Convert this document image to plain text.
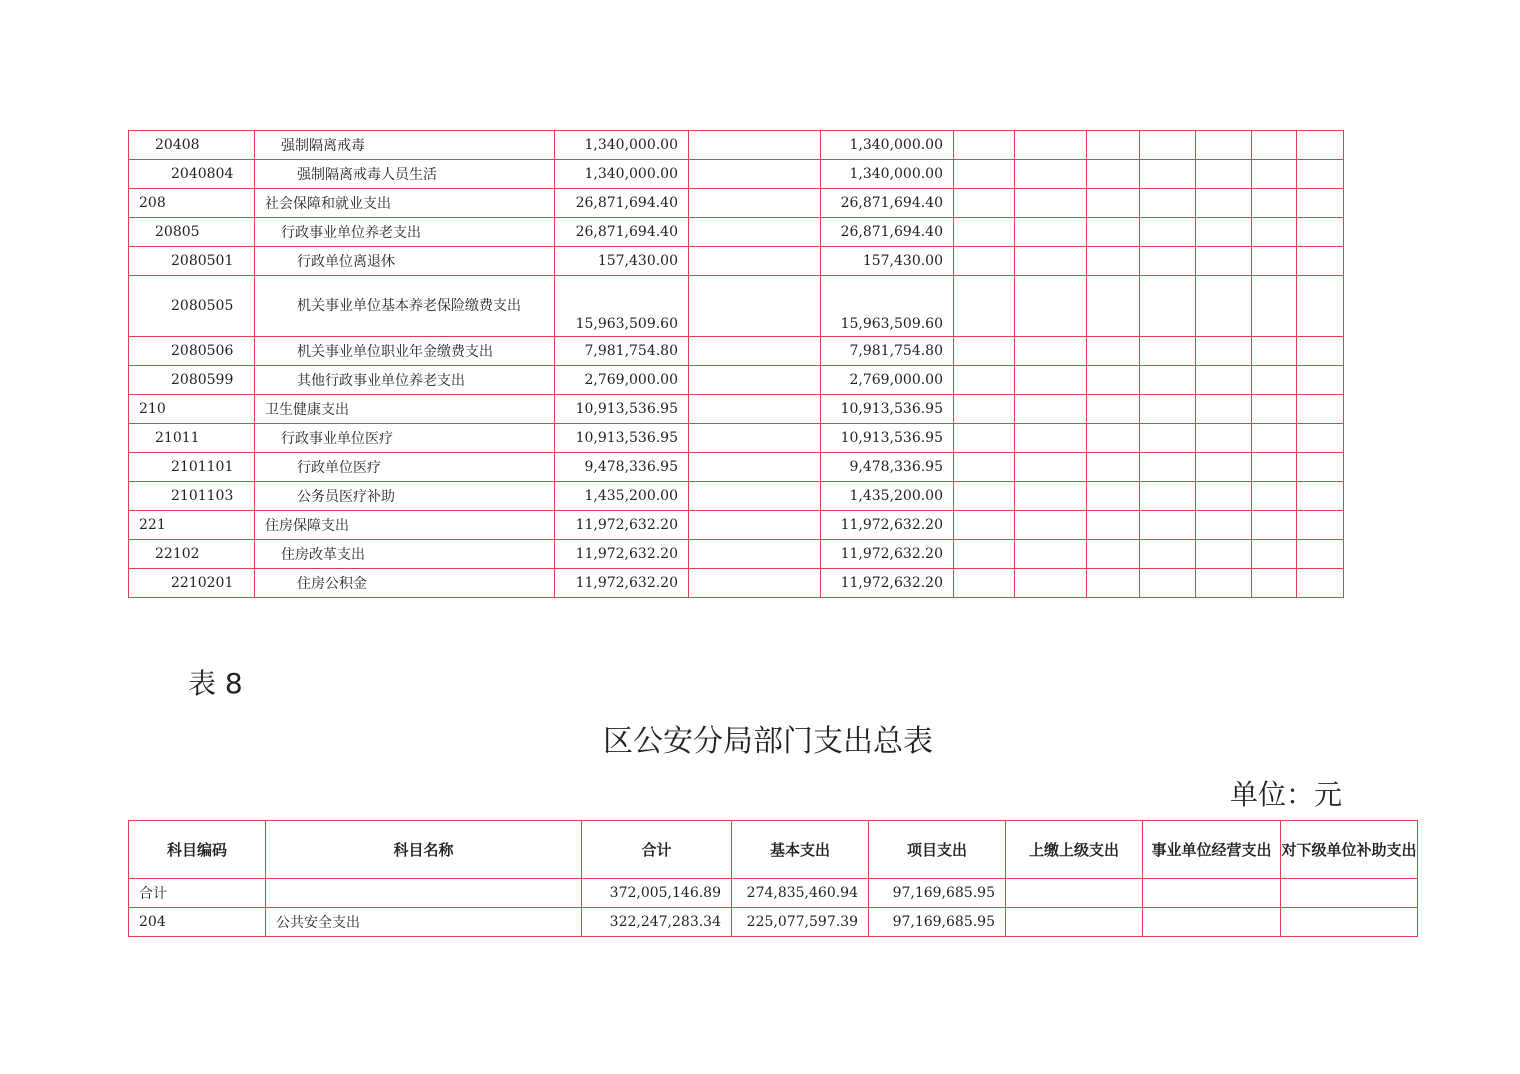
20408	强制隔离戒毒	1,340,000.00		1,340,000.00							
2040804	强制隔离戒毒人员生活	1,340,000.00		1,340,000.00							
208	社会保障和就业支出	26,871,694.40		26,871,694.40							
20805	行政事业单位养老支出	26,871,694.40		26,871,694.40							
2080501	行政单位离退休	157,430.00		157,430.00							
2080505	机关事业单位基本养老保险缴费支出	15,963,509.60		15,963,509.60							
2080506	机关事业单位职业年金缴费支出	7,981,754.80		7,981,754.80							
2080599	其他行政事业单位养老支出	2,769,000.00		2,769,000.00							
210	卫生健康支出	10,913,536.95		10,913,536.95							
21011	行政事业单位医疗	10,913,536.95		10,913,536.95							
2101101	行政单位医疗	9,478,336.95		9,478,336.95							
2101103	公务员医疗补助	1,435,200.00		1,435,200.00							
221	住房保障支出	11,972,632.20		11,972,632.20							
22102	住房改革支出	11,972,632.20		11,972,632.20							
2210201	住房公积金	11,972,632.20		11,972,632.20							
表 8
区公安分局部门支出总表
单位：元
科目编码	科目名称	合计	基本支出	项目支出	上缴上级支出	事业单位经营支出	对下级单位补助支出
合计		372,005,146.89	274,835,460.94	97,169,685.95			
204	公共安全支出	322,247,283.34	225,077,597.39	97,169,685.95			
